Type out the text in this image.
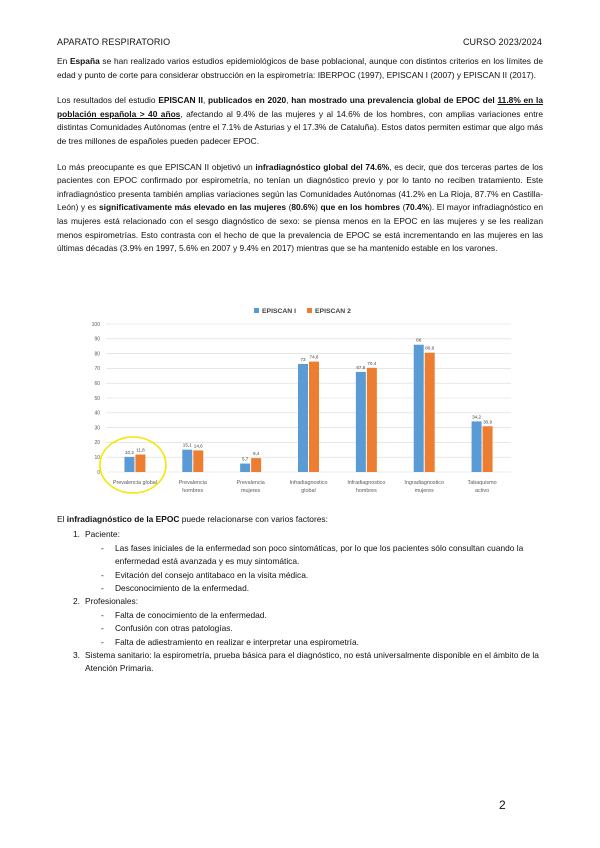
APARATO RESPIRATORIO	CURSO 2023/2024

En España se han realizado varios estudios epidemiológicos de base poblacional, aunque con distintos criterios en los límites de edad y punto de corte para considerar obstrucción en la espirometría: IBERPOC (1997), EPISCAN I (2007) y EPISCAN II (2017).

Los resultados del estudio EPISCAN II, publicados en 2020, han mostrado una prevalencia global de EPOC del 11.8% en la población española > 40 años, afectando al 9.4% de las mujeres y al 14.6% de los hombres, con amplias variaciones entre distintas Comunidades Autónomas (entre el 7.1% de Asturias y el 17.3% de Cataluña). Estos datos permiten estimar que algo más de tres millones de españoles pueden padecer EPOC.

Lo más preocupante es que EPISCAN II objetivó un infradiagnóstico global del 74.6%, es decir, que dos terceras partes de los pacientes con EPOC confirmado por espirometría, no tenían un diagnóstico previo y por lo tanto no reciben tratamiento. Este infradiagnóstico presenta también amplias variaciones según las Comunidades Autónomas (41.2% en La Rioja, 87.7% en Castilla-León) y es significativamente más elevado en las mujeres (80.6%) que en los hombres (70.4%). El mayor infradiagnóstico en las mujeres está relacionado con el sesgo diagnóstico de sexo: se piensa menos en la EPOC en las mujeres y se les realizan menos espirometrías. Esto contrasta con el hecho de que la prevalencia de EPOC se está incrementando en las mujeres en las últimas décadas (3.9% en 1997, 5.6% en 2007 y 9.4% en 2017) mientras que se ha mantenido estable en los varones.

0
10
20
30
40
50
60
70
80
90
100
10,2
15,1
5,7
73
67,6
86
34,2
11,8
14,6
9,4
74,6
70,4
80,6
30,9
Prevalencia global	Prevalencia
hombres
Prevalencia
mujeres
Infradiagnostico
global
Infradiagnostico
hombres
Ingradiagnostico
mujeres
Tabaquismo
activo
EPISCAN I	EPISCAN 2

El infradiagnóstico de la EPOC puede relacionarse con varios factores:

1. Paciente:
- Las fases iniciales de la enfermedad son poco sintomáticas, por lo que los pacientes sólo consultan cuando la enfermedad está avanzada y es muy sintomática.
- Evitación del consejo antitabaco en la visita médica.
- Desconocimiento de la enfermedad.
2. Profesionales:
- Falta de conocimiento de la enfermedad.
- Confusión con otras patologías.
- Falta de adiestramiento en realizar e interpretar una espirometría.
3. Sistema sanitario: la espirometría, prueba básica para el diagnóstico, no está universalmente disponible en el ámbito de la Atención Primaria.
2
